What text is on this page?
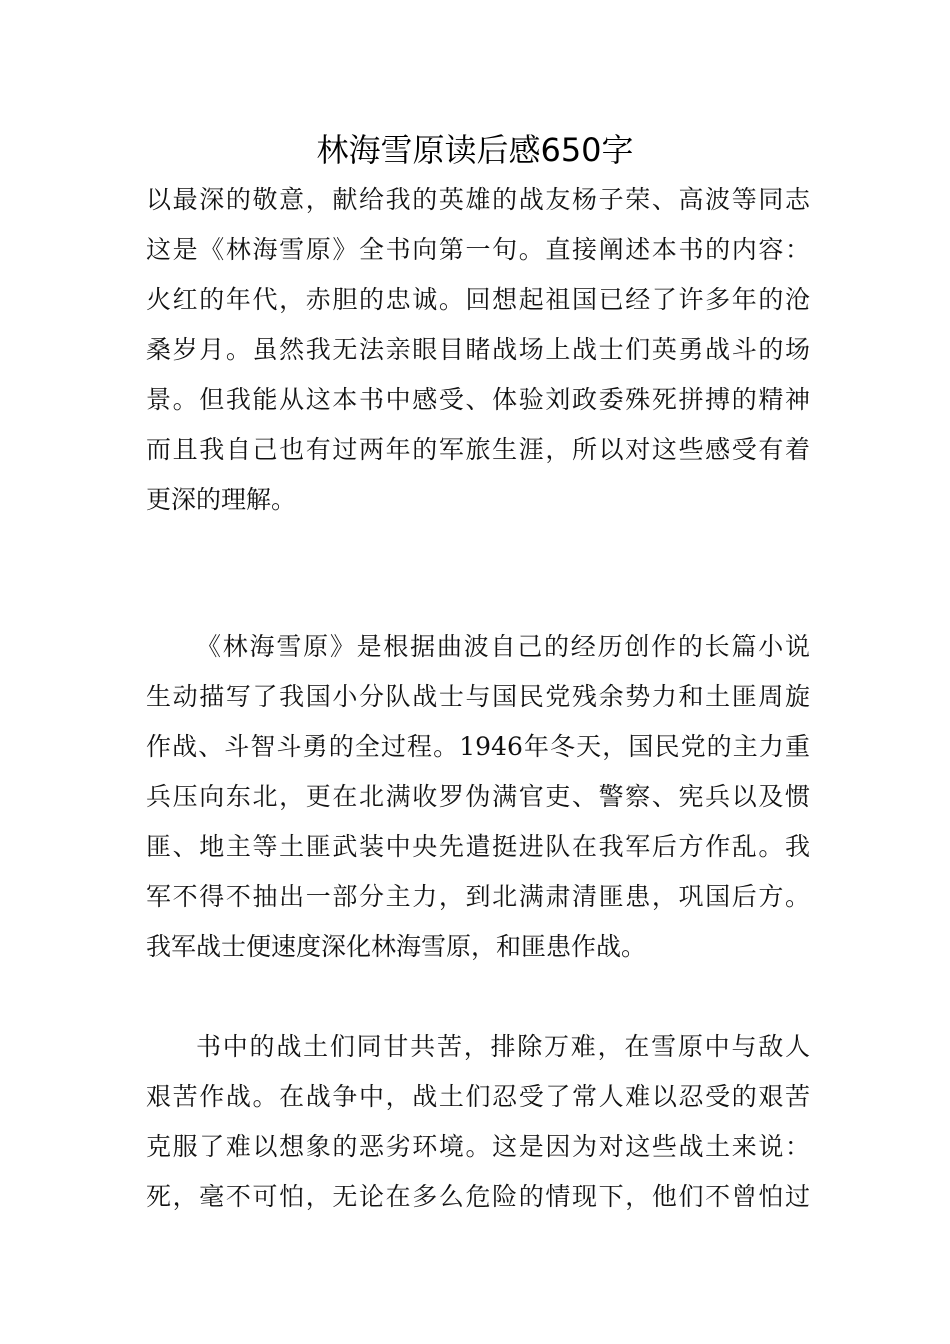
林海雪原读后感650字
以最深的敬意，献给我的英雄的战友杨子荣、高波等同志
这是《林海雪原》全书向第一句。直接阐述本书的内容：
火红的年代，赤胆的忠诚。回想起祖国已经了许多年的沧
桑岁月。虽然我无法亲眼目睹战场上战士们英勇战斗的场
景。但我能从这本书中感受、体验刘政委殊死拼搏的精神
而且我自己也有过两年的军旅生涯，所以对这些感受有着
更深的理解。
《林海雪原》是根据曲波自己的经历创作的长篇小说
生动描写了我国小分队战士与国民党残余势力和土匪周旋
作战、斗智斗勇的全过程。1946年冬天，国民党的主力重
兵压向东北，更在北满收罗伪满官吏、警察、宪兵以及惯
匪、地主等土匪武装中央先遣挺进队在我军后方作乱。我
军不得不抽出一部分主力，到北满肃清匪患，巩国后方。
我军战士便速度深化林海雪原，和匪患作战。
书中的战土们同甘共苦，排除万难，在雪原中与敌人
艰苦作战。在战争中，战土们忍受了常人难以忍受的艰苦
克服了难以想象的恶劣环境。这是因为对这些战土来说：
死，毫不可怕，无论在多么危险的情现下，他们不曾怕过
